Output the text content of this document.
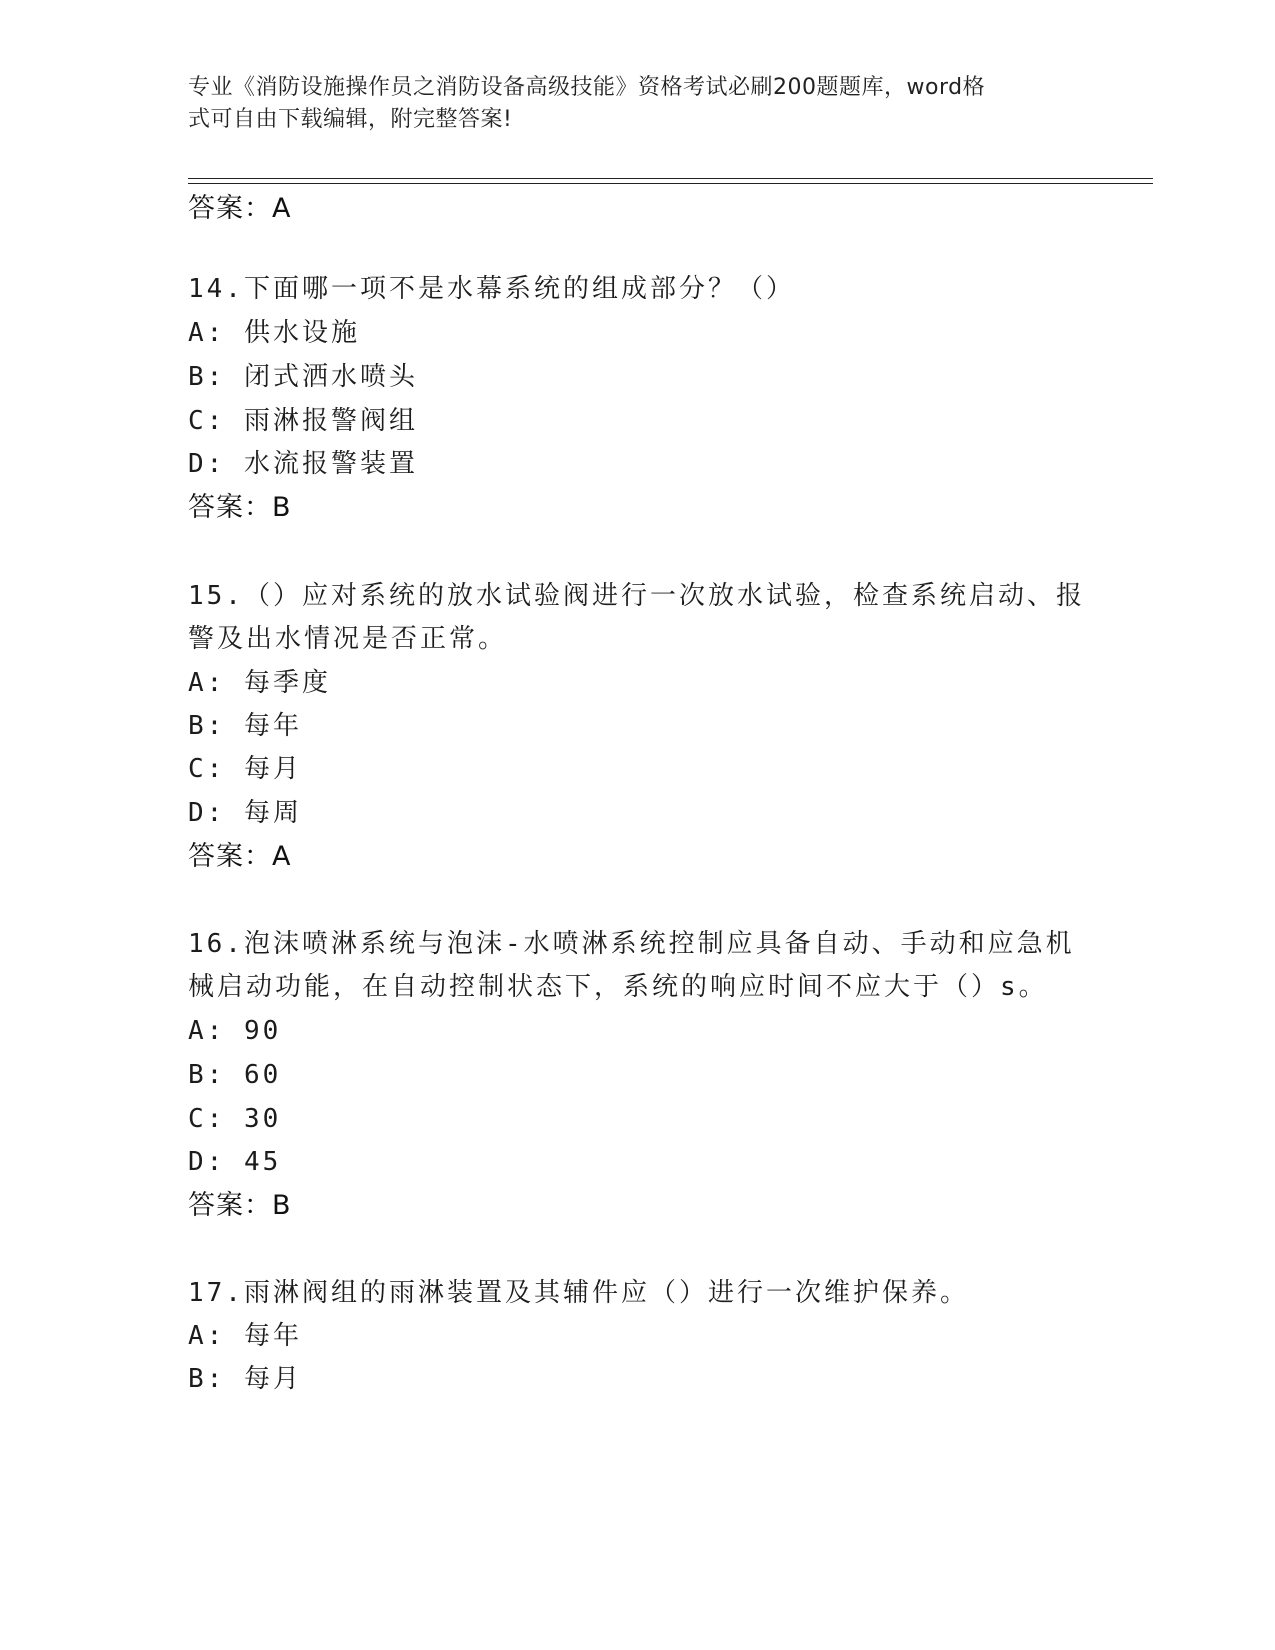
专业《消防设施操作员之消防设备高级技能》资格考试必刷200题题库，word格
式可自由下载编辑，附完整答案!
答案：A
14.下面哪一项不是水幕系统的组成部分？（）
A: 供水设施
B: 闭式洒水喷头
C: 雨淋报警阀组
D: 水流报警装置
答案：B
15.（）应对系统的放水试验阀进行一次放水试验，检查系统启动、报
警及出水情况是否正常。
A: 每季度
B: 每年
C: 每月
D: 每周
答案：A
16.泡沫喷淋系统与泡沫-水喷淋系统控制应具备自动、手动和应急机
械启动功能，在自动控制状态下，系统的响应时间不应大于（）s。
A: 90
B: 60
C: 30
D: 45
答案：B
17.雨淋阀组的雨淋装置及其辅件应（）进行一次维护保养。
A: 每年
B: 每月
